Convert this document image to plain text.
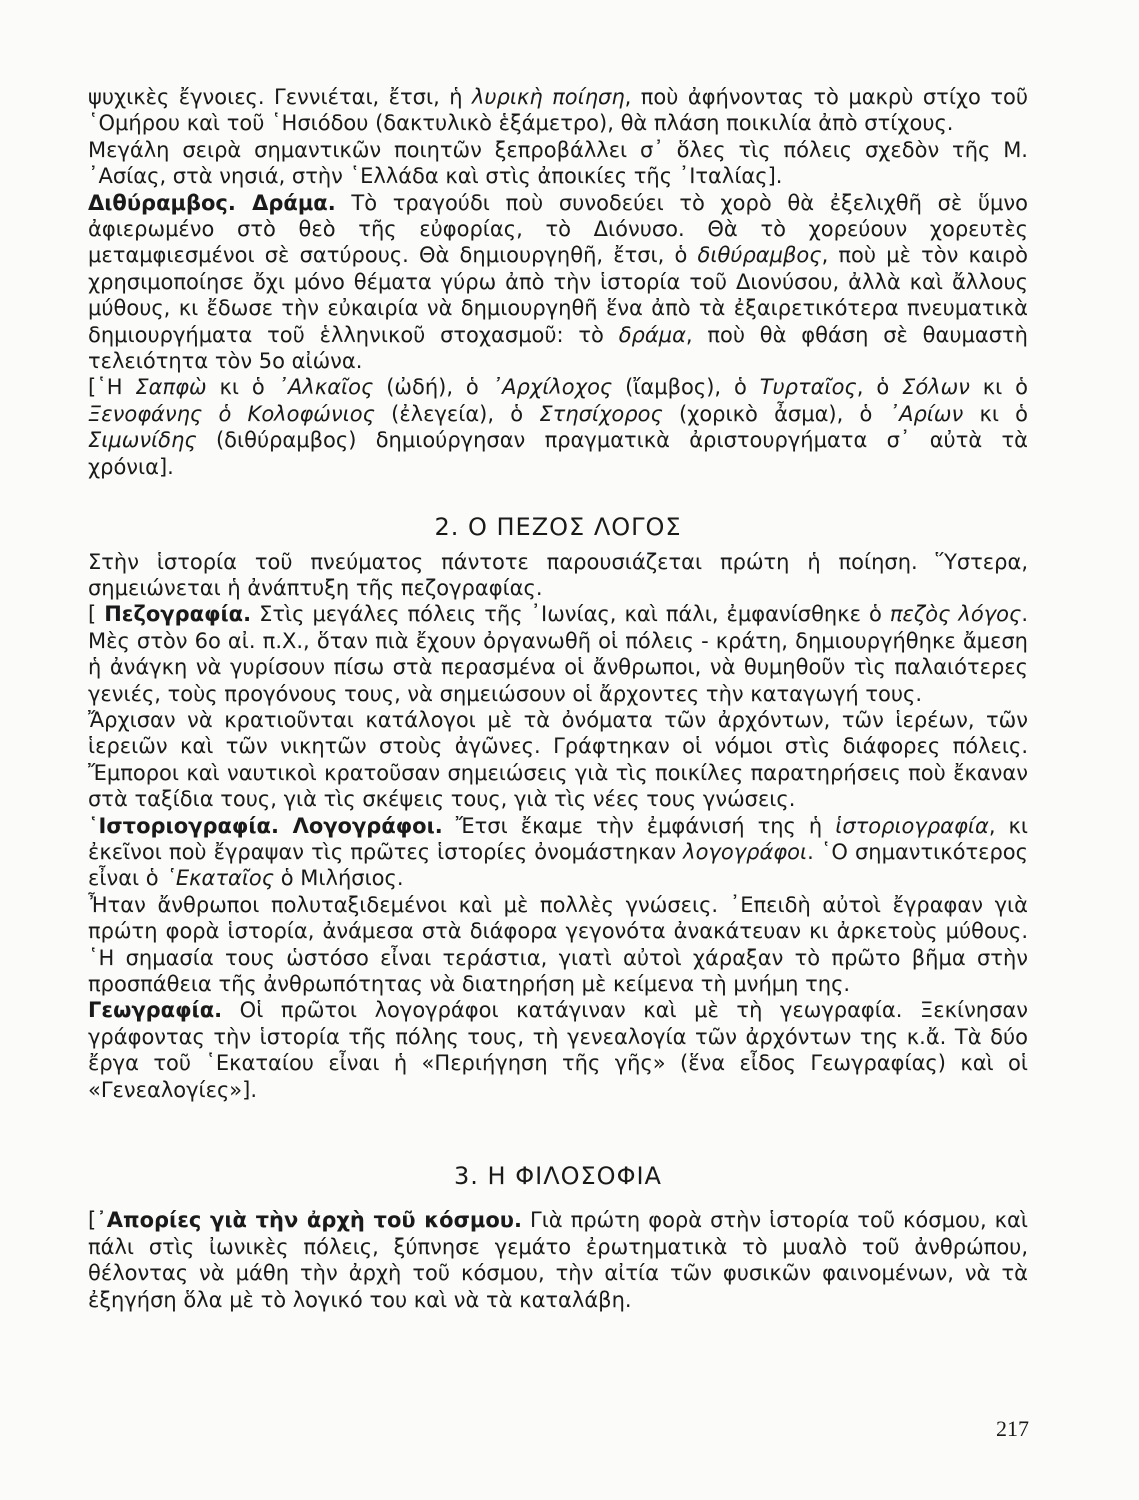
ψυχικὲς ἔγνοιες. Γεννιέται, ἔτσι, ἡ λυρικὴ ποίηση, ποὺ ἀφήνοντας τὸ μακρὺ στίχο τοῦ ῾Ομήρου καὶ τοῦ ῾Ησιόδου (δακτυλικὸ ἑξάμετρο), θὰ πλάση ποικιλία ἀπὸ στίχους.

Μεγάλη σειρὰ σημαντικῶν ποιητῶν ξεπροβάλλει σ᾽ ὅλες τὶς πόλεις σχεδὸν τῆς Μ. ᾽Ασίας, στὰ νησιά, στὴν ῾Ελλάδα καὶ στὶς ἀποικίες τῆς ᾽Ιταλίας].

Διθύραμβος. Δράμα. Τὸ τραγούδι ποὺ συνοδεύει τὸ χορὸ θὰ ἐξελιχθῆ σὲ ὕμνο ἀφιερωμένο στὸ θεὸ τῆς εὐφορίας, τὸ Διόνυσο. Θὰ τὸ χορεύουν χορευτὲς μεταμφιεσμένοι σὲ σατύρους. Θὰ δημιουργηθῆ, ἔτσι, ὁ διθύραμβος, ποὺ μὲ τὸν καιρὸ χρησιμοποίησε ὄχι μόνο θέματα γύρω ἀπὸ τὴν ἱστορία τοῦ Διονύσου, ἀλλὰ καὶ ἄλλους μύθους, κι ἔδωσε τὴν εὐκαιρία νὰ δημιουργηθῆ ἕνα ἀπὸ τὰ ἐξαιρετικότερα πνευματικὰ δημιουργήματα τοῦ ἑλληνικοῦ στοχασμοῦ: τὸ δράμα, ποὺ θὰ φθάση σὲ θαυμαστὴ τελειότητα τὸν 5ο αἰώνα.

[῾Η Σαπφὼ κι ὁ ᾽Αλκαῖος (ὠδή), ὁ ᾽Αρχίλοχος (ἴαμβος), ὁ Τυρταῖος, ὁ Σόλων κι ὁ Ξενοφάνης ὁ Κολοφώνιος (ἐλεγεία), ὁ Στησίχορος (χορικὸ ἆσμα), ὁ ᾽Αρίων κι ὁ Σιμωνίδης (διθύραμβος) δημιούργησαν πραγματικὰ ἀριστουργήματα σ᾽ αὐτὰ τὰ χρόνια].

2. Ο ΠΕΖΟΣ ΛΟΓΟΣ

Στὴν ἱστορία τοῦ πνεύματος πάντοτε παρουσιάζεται πρώτη ἡ ποίηση. Ὕστερα, σημειώνεται ἡ ἀνάπτυξη τῆς πεζογραφίας.

[ Πεζογραφία. Στὶς μεγάλες πόλεις τῆς ᾽Ιωνίας, καὶ πάλι, ἐμφανίσθηκε ὁ πεζὸς λόγος. Μὲς στὸν 6ο αἰ. π.Χ., ὅταν πιὰ ἔχουν ὀργανωθῆ οἱ πόλεις - κράτη, δημιουργήθηκε ἄμεση ἡ ἀνάγκη νὰ γυρίσουν πίσω στὰ περασμένα οἱ ἄνθρωποι, νὰ θυμηθοῦν τὶς παλαιότερες γενιές, τοὺς προγόνους τους, νὰ σημειώσουν οἱ ἄρχοντες τὴν καταγωγή τους.

Ἄρχισαν νὰ κρατιοῦνται κατάλογοι μὲ τὰ ὀνόματα τῶν ἀρχόντων, τῶν ἱερέων, τῶν ἱερειῶν καὶ τῶν νικητῶν στοὺς ἀγῶνες. Γράφτηκαν οἱ νόμοι στὶς διάφορες πόλεις. Ἔμποροι καὶ ναυτικοὶ κρατοῦσαν σημειώσεις γιὰ τὶς ποικίλες παρατηρήσεις ποὺ ἔκαναν στὰ ταξίδια τους, γιὰ τὶς σκέψεις τους, γιὰ τὶς νέες τους γνώσεις.

῾Ιστοριογραφία. Λογογράφοι. Ἔτσι ἔκαμε τὴν ἐμφάνισή της ἡ ἱστοριογραφία, κι ἐκεῖνοι ποὺ ἔγραψαν τὶς πρῶτες ἱστορίες ὀνομάστηκαν λογογράφοι. ῾Ο σημαντικότερος εἶναι ὁ ῾Εκαταῖος ὁ Μιλήσιος.

Ἦταν ἄνθρωποι πολυταξιδεμένοι καὶ μὲ πολλὲς γνώσεις. ᾽Επειδὴ αὐτοὶ ἔγραφαν γιὰ πρώτη φορὰ ἱστορία, ἀνάμεσα στὰ διάφορα γεγονότα ἀνακάτευαν κι ἀρκετοὺς μύθους. ῾Η σημασία τους ὡστόσο εἶναι τεράστια, γιατὶ αὐτοὶ χάραξαν τὸ πρῶτο βῆμα στὴν προσπάθεια τῆς ἀνθρωπότητας νὰ διατηρήση μὲ κείμενα τὴ μνήμη της.

Γεωγραφία. Οἱ πρῶτοι λογογράφοι κατάγιναν καὶ μὲ τὴ γεωγραφία. Ξεκίνησαν γράφοντας τὴν ἱστορία τῆς πόλης τους, τὴ γενεαλογία τῶν ἀρχόντων της κ.ἄ. Τὰ δύο ἔργα τοῦ ῾Εκαταίου εἶναι ἡ «Περιήγηση τῆς γῆς» (ἕνα εἶδος Γεωγραφίας) καὶ οἱ «Γενεαλογίες»].

3. Η ΦΙΛΟΣΟΦΙΑ

[᾽Απορίες γιὰ τὴν ἀρχὴ τοῦ κόσμου. Γιὰ πρώτη φορὰ στὴν ἱστορία τοῦ κόσμου, καὶ πάλι στὶς ἰωνικὲς πόλεις, ξύπνησε γεμάτο ἐρωτηματικὰ τὸ μυαλὸ τοῦ ἀνθρώπου, θέλοντας νὰ μάθη τὴν ἀρχὴ τοῦ κόσμου, τὴν αἰτία τῶν φυσικῶν φαινομένων, νὰ τὰ ἐξηγήση ὅλα μὲ τὸ λογικό του καὶ νὰ τὰ καταλάβη.

217
